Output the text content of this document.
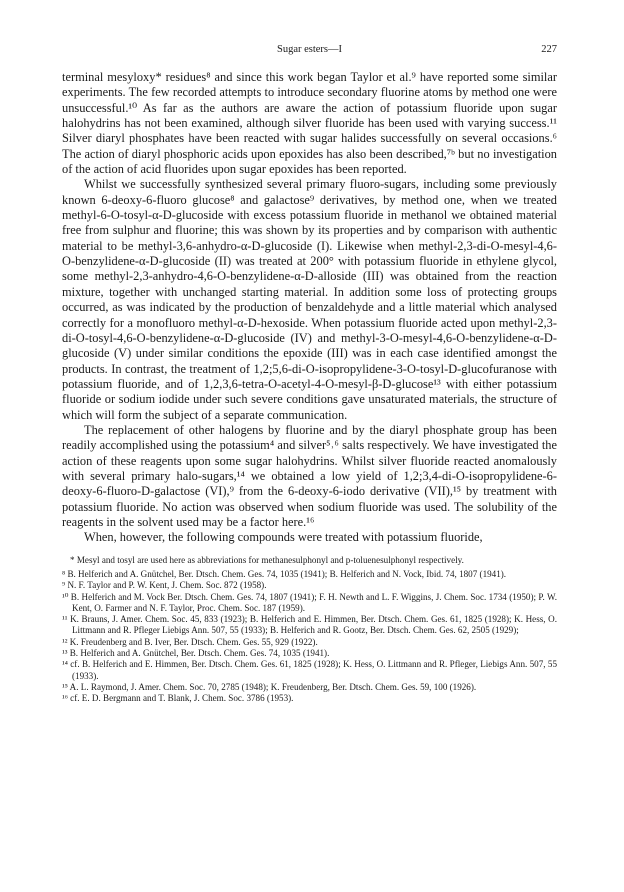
Sugar esters—I	227

terminal mesyloxy* residues⁸ and since this work began Taylor et al.⁹ have reported some similar experiments. The few recorded attempts to introduce secondary fluorine atoms by method one were unsuccessful.¹⁰ As far as the authors are aware the action of potassium fluoride upon sugar halohydrins has not been examined, although silver fluoride has been used with varying success.¹¹ Silver diaryl phosphates have been reacted with sugar halides successfully on several occasions.⁶ The action of diaryl phosphoric acids upon epoxides has also been described,⁷ᵇ but no investigation of the action of acid fluorides upon sugar epoxides has been reported.

Whilst we successfully synthesized several primary fluoro-sugars, including some previously known 6-deoxy-6-fluoro glucose⁸ and galactose⁹ derivatives, by method one, when we treated methyl-6-O-tosyl-α-D-glucoside with excess potassium fluoride in methanol we obtained material free from sulphur and fluorine; this was shown by its properties and by comparison with authentic material to be methyl-3,6-anhydro-α-D-glucoside (I). Likewise when methyl-2,3-di-O-mesyl-4,6-O-benzylidene-α-D-glucoside (II) was treated at 200° with potassium fluoride in ethylene glycol, some methyl-2,3-anhydro-4,6-O-benzylidene-α-D-alloside (III) was obtained from the reaction mixture, together with unchanged starting material. In addition some loss of protecting groups occurred, as was indicated by the production of benzaldehyde and a little material which analysed correctly for a monofluoro methyl-α-D-hexoside. When potassium fluoride acted upon methyl-2,3-di-O-tosyl-4,6-O-benzylidene-α-D-glucoside (IV) and methyl-3-O-mesyl-4,6-O-benzylidene-α-D-glucoside (V) under similar conditions the epoxide (III) was in each case identified amongst the products. In contrast, the treatment of 1,2;5,6-di-O-isopropylidene-3-O-tosyl-D-glucofuranose with potassium fluoride, and of 1,2,3,6-tetra-O-acetyl-4-O-mesyl-β-D-glucose¹³ with either potassium fluoride or sodium iodide under such severe conditions gave unsaturated materials, the structure of which will form the subject of a separate communication.

The replacement of other halogens by fluorine and by the diaryl phosphate group has been readily accomplished using the potassium⁴ and silver⁵˒⁶ salts respectively. We have investigated the action of these reagents upon some sugar halohydrins. Whilst silver fluoride reacted anomalously with several primary halo-sugars,¹⁴ we obtained a low yield of 1,2;3,4-di-O-isopropylidene-6-deoxy-6-fluoro-D-galactose (VI),⁹ from the 6-deoxy-6-iodo derivative (VII),¹⁵ by treatment with potassium fluoride. No action was observed when sodium fluoride was used. The solubility of the reagents in the solvent used may be a factor here.¹⁶

When, however, the following compounds were treated with potassium fluoride,

* Mesyl and tosyl are used here as abbreviations for methanesulphonyl and p-toluenesulphonyl respectively.

⁸ B. Helferich and A. Gnütchel, Ber. Dtsch. Chem. Ges. 74, 1035 (1941); B. Helferich and N. Vock, Ibid. 74, 1807 (1941).

⁹ N. F. Taylor and P. W. Kent, J. Chem. Soc. 872 (1958).

¹⁰ B. Helferich and M. Vock Ber. Dtsch. Chem. Ges. 74, 1807 (1941); F. H. Newth and L. F. Wiggins, J. Chem. Soc. 1734 (1950); P. W. Kent, O. Farmer and N. F. Taylor, Proc. Chem. Soc. 187 (1959).

¹¹ K. Brauns, J. Amer. Chem. Soc. 45, 833 (1923); B. Helferich and E. Himmen, Ber. Dtsch. Chem. Ges. 61, 1825 (1928); K. Hess, O. Littmann and R. Pfleger Liebigs Ann. 507, 55 (1933); B. Helferich and R. Gootz, Ber. Dtsch. Chem. Ges. 62, 2505 (1929);

¹² K. Freudenberg and B. Iver, Ber. Dtsch. Chem. Ges. 55, 929 (1922).

¹³ B. Helferich and A. Gnütchel, Ber. Dtsch. Chem. Ges. 74, 1035 (1941).

¹⁴ cf. B. Helferich and E. Himmen, Ber. Dtsch. Chem. Ges. 61, 1825 (1928); K. Hess, O. Littmann and R. Pfleger, Liebigs Ann. 507, 55 (1933).

¹⁵ A. L. Raymond, J. Amer. Chem. Soc. 70, 2785 (1948); K. Freudenberg, Ber. Dtsch. Chem. Ges. 59, 100 (1926).

¹⁶ cf. E. D. Bergmann and T. Blank, J. Chem. Soc. 3786 (1953).
